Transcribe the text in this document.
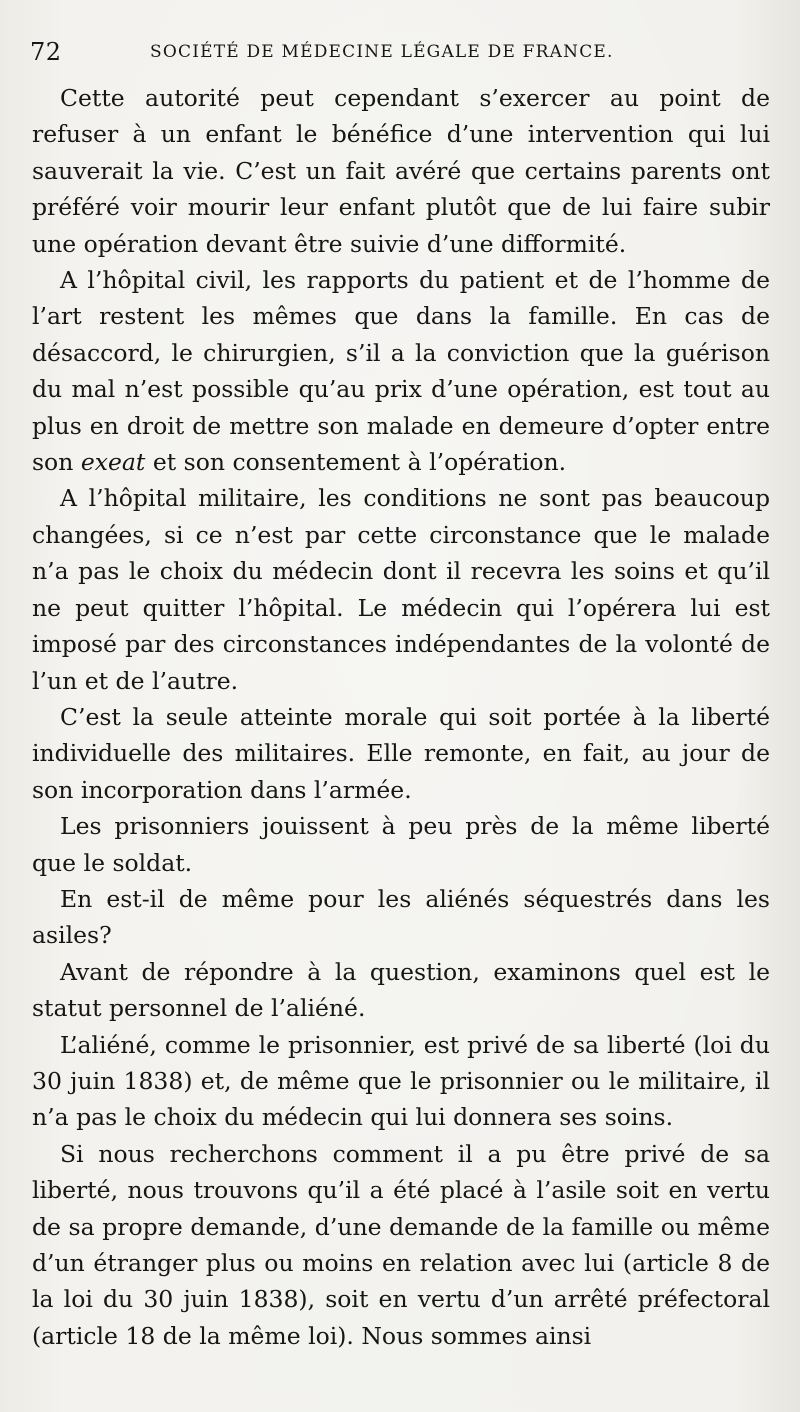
72	SOCIÉTÉ DE MÉDECINE LÉGALE DE FRANCE.

Cette autorité peut cependant s’exercer au point de refuser à un enfant le bénéfice d’une intervention qui lui sauverait la vie. C’est un fait avéré que certains parents ont préféré voir mourir leur enfant plutôt que de lui faire subir une opération devant être suivie d’une difformité.

A l’hôpital civil, les rapports du patient et de l’homme de l’art restent les mêmes que dans la famille. En cas de désaccord, le chirurgien, s’il a la conviction que la guérison du mal n’est possible qu’au prix d’une opération, est tout au plus en droit de mettre son malade en demeure d’opter entre son exeat et son consentement à l’opération.

A l’hôpital militaire, les conditions ne sont pas beaucoup changées, si ce n’est par cette circonstance que le malade n’a pas le choix du médecin dont il recevra les soins et qu’il ne peut quitter l’hôpital. Le médecin qui l’opérera lui est imposé par des circonstances indépendantes de la volonté de l’un et de l’autre.

C’est la seule atteinte morale qui soit portée à la liberté individuelle des militaires. Elle remonte, en fait, au jour de son incorporation dans l’armée.

Les prisonniers jouissent à peu près de la même liberté que le soldat.

En est-il de même pour les aliénés séquestrés dans les asiles?

Avant de répondre à la question, examinons quel est le statut personnel de l’aliéné.

L’aliéné, comme le prisonnier, est privé de sa liberté (loi du 30 juin 1838) et, de même que le prisonnier ou le militaire, il n’a pas le choix du médecin qui lui donnera ses soins.

Si nous recherchons comment il a pu être privé de sa liberté, nous trouvons qu’il a été placé à l’asile soit en vertu de sa propre demande, d’une demande de la famille ou même d’un étranger plus ou moins en relation avec lui (article 8 de la loi du 30 juin 1838), soit en vertu d’un arrêté préfectoral (article 18 de la même loi). Nous sommes ainsi
